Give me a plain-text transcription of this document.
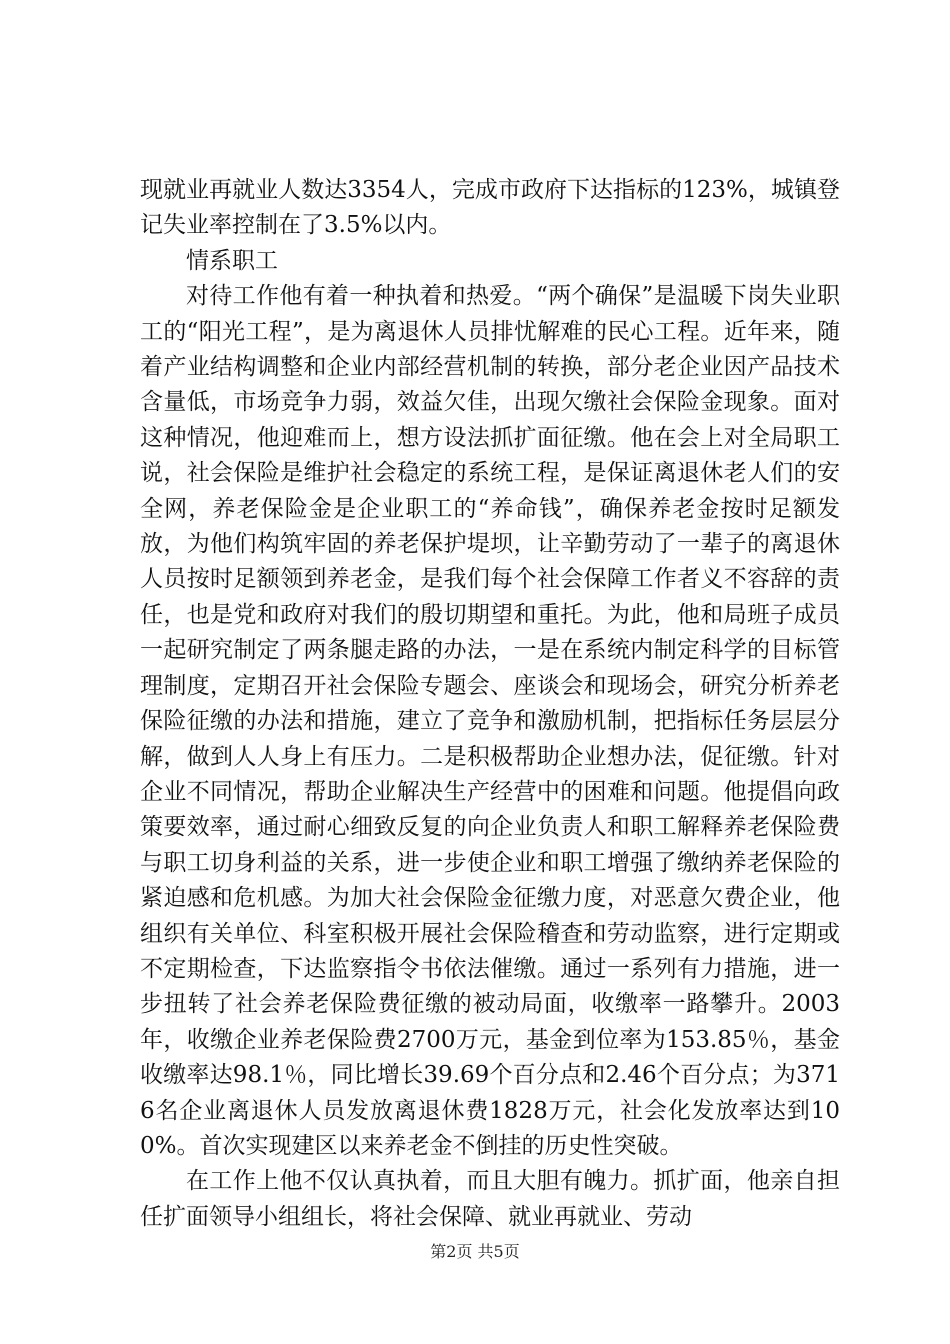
现就业再就业人数达3354人，完成市政府下达指标的123%，城镇登记失业率控制在了3.5%以内。

情系职工

对待工作他有着一种执着和热爱。“两个确保”是温暖下岗失业职工的“阳光工程”，是为离退休人员排忧解难的民心工程。近年来，随着产业结构调整和企业内部经营机制的转换，部分老企业因产品技术含量低，市场竞争力弱，效益欠佳，出现欠缴社会保险金现象。面对这种情况，他迎难而上，想方设法抓扩面征缴。他在会上对全局职工说，社会保险是维护社会稳定的系统工程，是保证离退休老人们的安全网，养老保险金是企业职工的“养命钱”，确保养老金按时足额发放，为他们构筑牢固的养老保护堤坝，让辛勤劳动了一辈子的离退休人员按时足额领到养老金，是我们每个社会保障工作者义不容辞的责任，也是党和政府对我们的殷切期望和重托。为此，他和局班子成员一起研究制定了两条腿走路的办法，一是在系统内制定科学的目标管理制度，定期召开社会保险专题会、座谈会和现场会，研究分析养老保险征缴的办法和措施，建立了竞争和激励机制，把指标任务层层分解，做到人人身上有压力。二是积极帮助企业想办法，促征缴。针对企业不同情况，帮助企业解决生产经营中的困难和问题。他提倡向政策要效率，通过耐心细致反复的向企业负责人和职工解释养老保险费与职工切身利益的关系，进一步使企业和职工增强了缴纳养老保险的紧迫感和危机感。为加大社会保险金征缴力度，对恶意欠费企业，他组织有关单位、科室积极开展社会保险稽查和劳动监察，进行定期或不定期检查，下达监察指令书依法催缴。通过一系列有力措施，进一步扭转了社会养老保险费征缴的被动局面，收缴率一路攀升。2003年，收缴企业养老保险费2700万元，基金到位率为153.85％，基金收缴率达98.1％，同比增长39.69个百分点和2.46个百分点；为3716名企业离退休人员发放离退休费1828万元，社会化发放率达到100%。首次实现建区以来养老金不倒挂的历史性突破。

在工作上他不仅认真执着，而且大胆有魄力。抓扩面，他亲自担任扩面领导小组组长，将社会保障、就业再就业、劳动

第2页 共5页
